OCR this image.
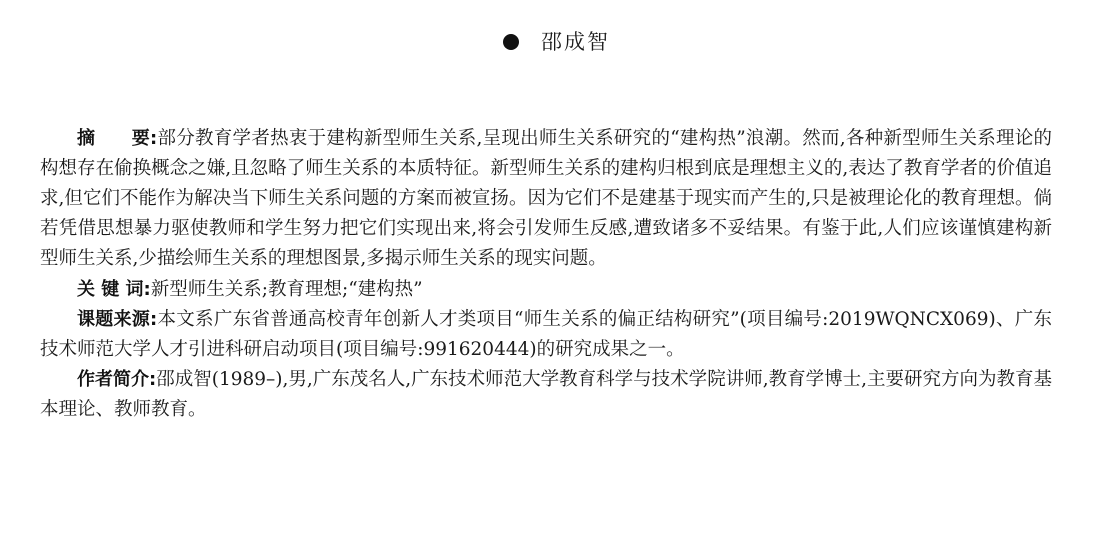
邵成智

摘　　要:部分教育学者热衷于建构新型师生关系,呈现出师生关系研究的“建构热”浪潮。然而,各种新型师生关系理论的构想存在偷换概念之嫌,且忽略了师生关系的本质特征。新型师生关系的建构归根到底是理想主义的,表达了教育学者的价值追求,但它们不能作为解决当下师生关系问题的方案而被宣扬。因为它们不是建基于现实而产生的,只是被理论化的教育理想。倘若凭借思想暴力驱使教师和学生努力把它们实现出来,将会引发师生反感,遭致诸多不妥结果。有鉴于此,人们应该谨慎建构新型师生关系,少描绘师生关系的理想图景,多揭示师生关系的现实问题。

关 键 词:新型师生关系;教育理想;“建构热”

课题来源:本文系广东省普通高校青年创新人才类项目“师生关系的偏正结构研究”(项目编号:2019WQNCX069)、广东技术师范大学人才引进科研启动项目(项目编号:991620444)的研究成果之一。

作者简介:邵成智(1989–),男,广东茂名人,广东技术师范大学教育科学与技术学院讲师,教育学博士,主要研究方向为教育基本理论、教师教育。
